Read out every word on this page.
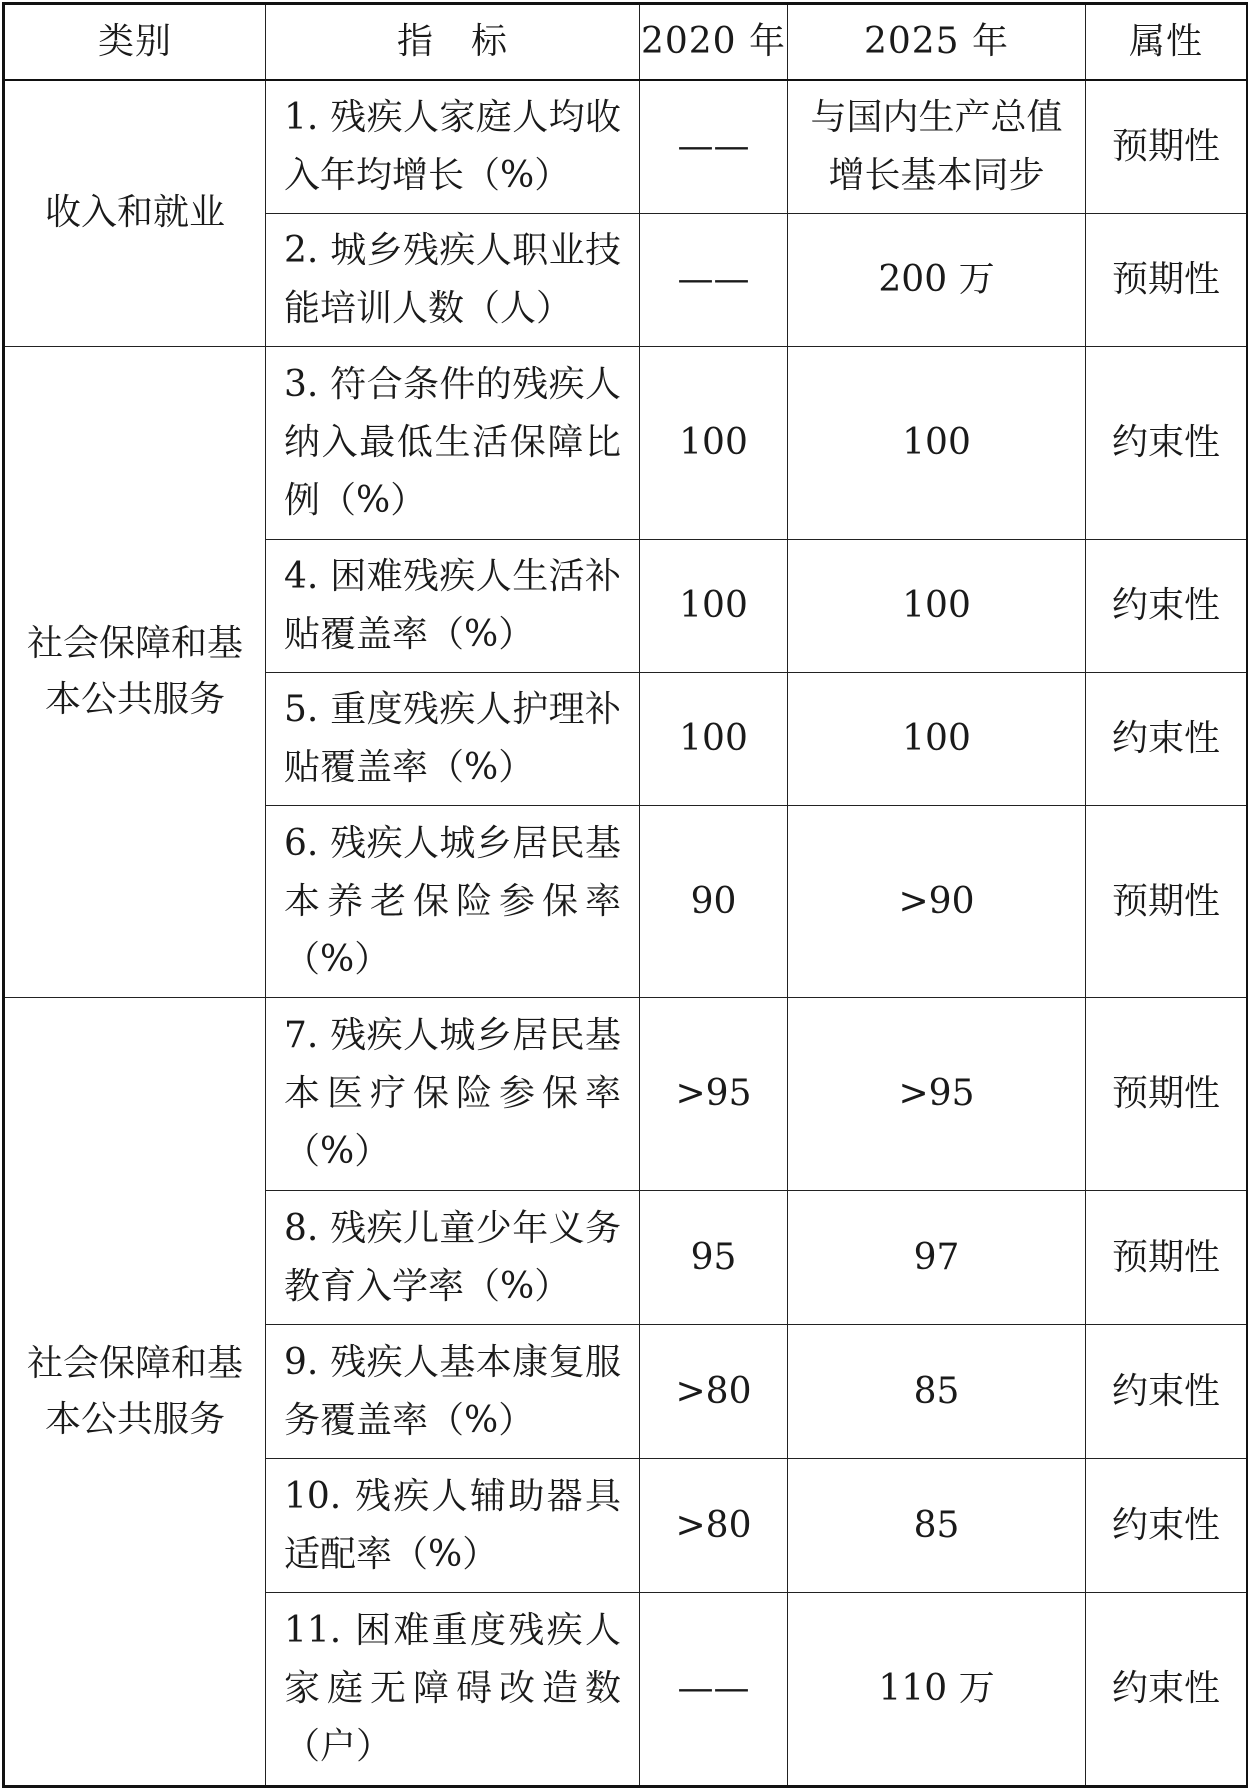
类别	指　标	2020 年	2025 年	属性
收入和就业	1. 残疾人家庭人均收入年均增长（%）	——	与国内生产总值增长基本同步	预期性
	2. 城乡残疾人职业技能培训人数（人）	——	200 万	预期性
社会保障和基本公共服务	3. 符合条件的残疾人纳入最低生活保障比例（%）	100	100	约束性
	4. 困难残疾人生活补贴覆盖率（%）	100	100	约束性
	5. 重度残疾人护理补贴覆盖率（%）	100	100	约束性
	6. 残疾人城乡居民基本养老保险参保率（%）	90	>90	预期性
社会保障和基本公共服务	7. 残疾人城乡居民基本医疗保险参保率（%）	>95	>95	预期性
	8. 残疾儿童少年义务教育入学率（%）	95	97	预期性
	9. 残疾人基本康复服务覆盖率（%）	>80	85	约束性
	10. 残疾人辅助器具适配率（%）	>80	85	约束性
	11. 困难重度残疾人家庭无障碍改造数（户）	——	110 万	约束性
